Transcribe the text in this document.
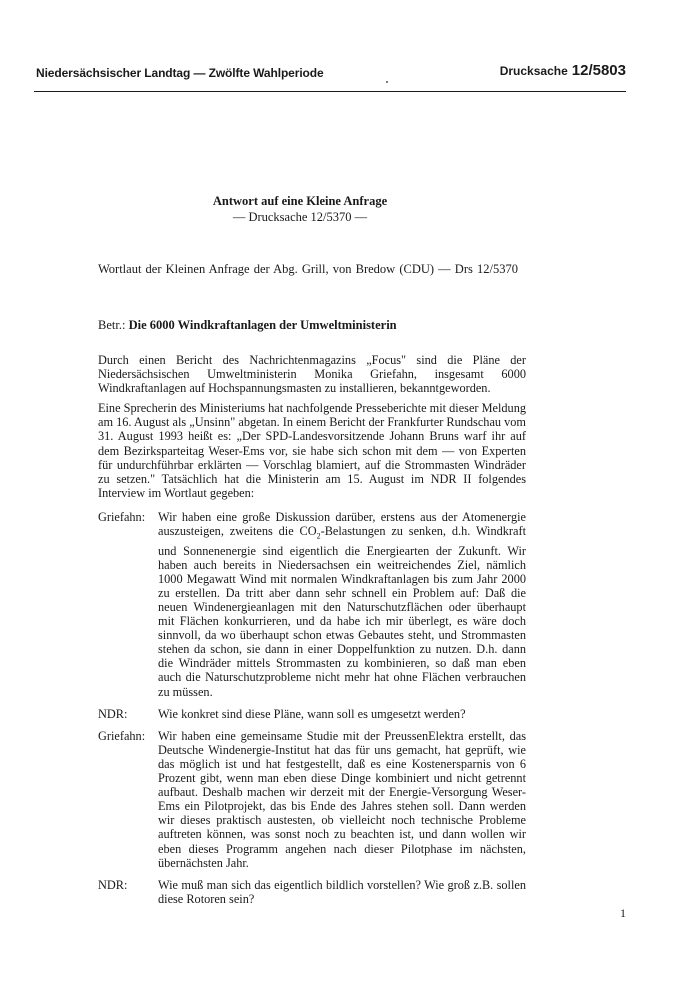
Niedersächsischer Landtag — Zwölfte Wahlperiode	Drucksache 12/5803
Antwort auf eine Kleine Anfrage
— Drucksache 12/5370 —
Wortlaut der Kleinen Anfrage der Abg. Grill, von Bredow (CDU) — Drs 12/5370
Betr.: Die 6000 Windkraftanlagen der Umweltministerin

Durch einen Bericht des Nachrichtenmagazins „Focus" sind die Pläne der Niedersächsischen Umweltministerin Monika Griefahn, insgesamt 6000 Windkraftanlagen auf Hochspannungsmasten zu installieren, bekanntgeworden.

Eine Sprecherin des Ministeriums hat nachfolgende Presseberichte mit dieser Meldung am 16. August als „Unsinn" abgetan. In einem Bericht der Frankfurter Rundschau vom 31. August 1993 heißt es: „Der SPD-Landesvorsitzende Johann Bruns warf ihr auf dem Bezirksparteitag Weser-Ems vor, sie habe sich schon mit dem — von Experten für undurchführbar erklärten — Vorschlag blamiert, auf die Strommasten Windräder zu setzen." Tatsächlich hat die Ministerin am 15. August im NDR II folgendes Interview im Wortlaut gegeben:

Griefahn:	Wir haben eine große Diskussion darüber, erstens aus der Atomenergie auszusteigen, zweitens die $CO_2$-Belastungen zu senken, d.h. Windkraft und Sonnenenergie sind eigentlich die Energiearten der Zukunft. Wir haben auch bereits in Niedersachsen ein weitreichendes Ziel, nämlich 1000 Megawatt Wind mit normalen Windkraftanlagen bis zum Jahr 2000 zu erstellen. Da tritt aber dann sehr schnell ein Problem auf: Daß die neuen Windenergieanlagen mit den Naturschutzflächen oder überhaupt mit Flächen konkurrieren, und da habe ich mir überlegt, es wäre doch sinnvoll, da wo überhaupt schon etwas Gebautes steht, und Strommasten stehen da schon, sie dann in einer Doppelfunktion zu nutzen. D.h. dann die Windräder mittels Strommasten zu kombinieren, so daß man eben auch die Naturschutzprobleme nicht mehr hat ohne Flächen verbrauchen zu müssen.
NDR:	Wie konkret sind diese Pläne, wann soll es umgesetzt werden?
Griefahn:	Wir haben eine gemeinsame Studie mit der PreussenElektra erstellt, das Deutsche Windenergie-Institut hat das für uns gemacht, hat geprüft, wie das möglich ist und hat festgestellt, daß es eine Kostenersparnis von 6 Prozent gibt, wenn man eben diese Dinge kombiniert und nicht getrennt aufbaut. Deshalb machen wir derzeit mit der Energie-Versorgung Weser-Ems ein Pilotprojekt, das bis Ende des Jahres stehen soll. Dann werden wir dieses praktisch austesten, ob vielleicht noch technische Probleme auftreten können, was sonst noch zu beachten ist, und dann wollen wir eben dieses Programm angehen nach dieser Pilotphase im nächsten, übernächsten Jahr.
NDR:	Wie muß man sich das eigentlich bildlich vorstellen? Wie groß z.B. sollen diese Rotoren sein?
1
